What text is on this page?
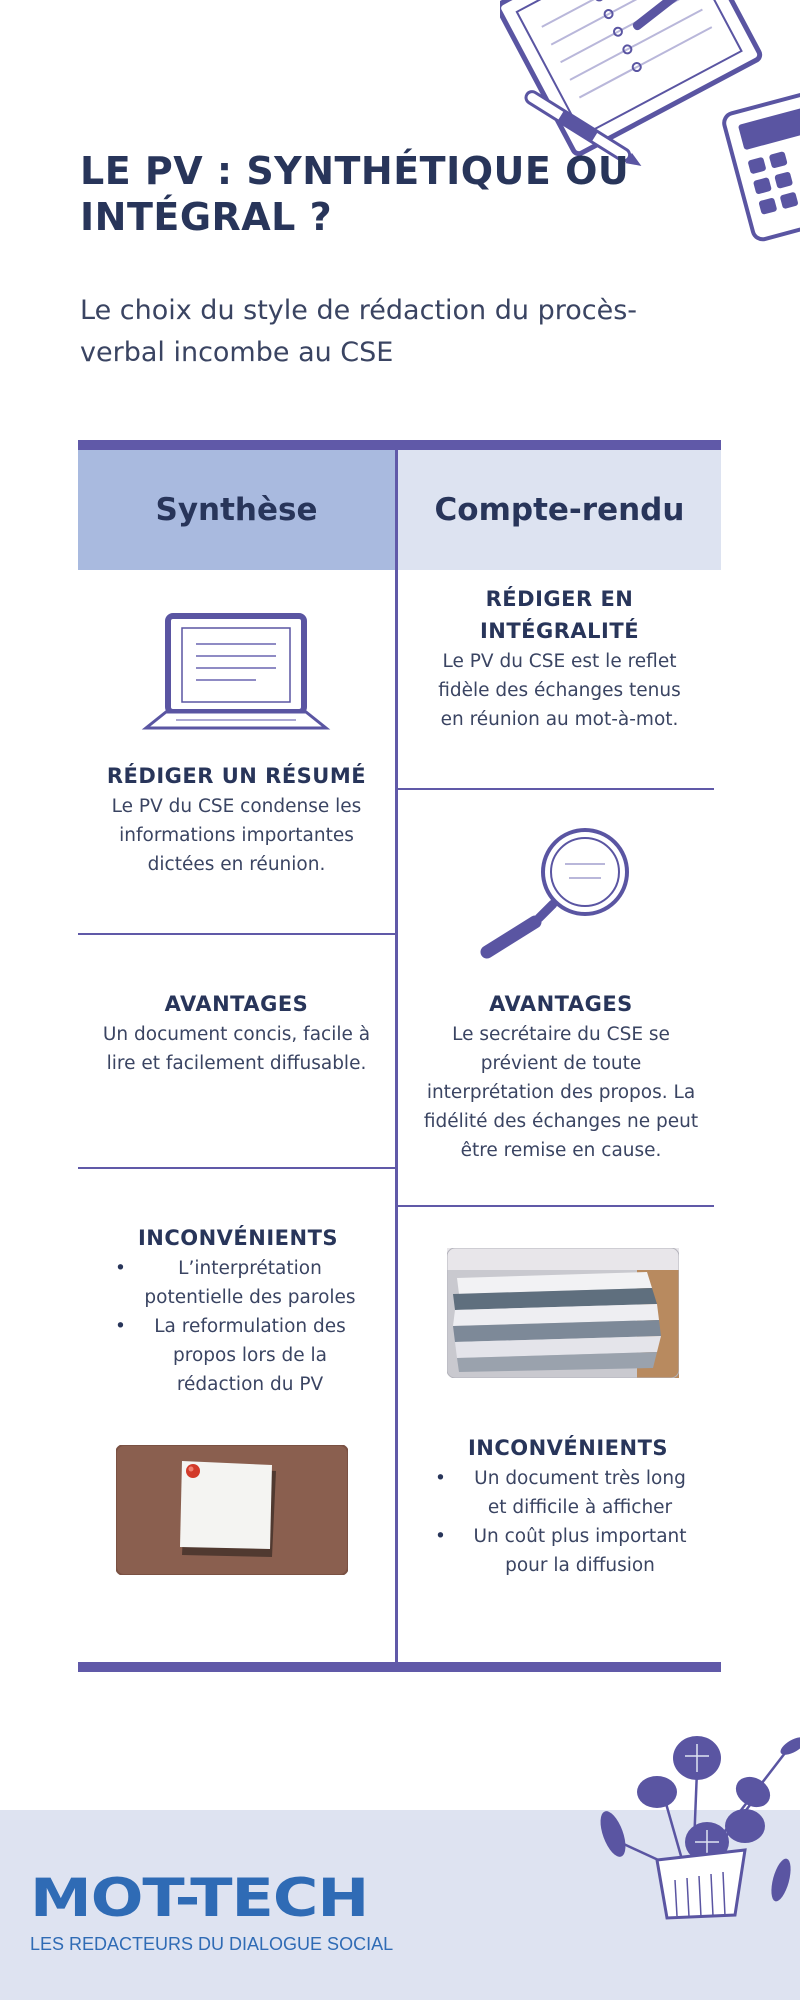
LE PV : SYNTHÉTIQUE OU INTÉGRAL ?

Le choix du style de rédaction du procès-verbal incombe au CSE

Synthèse	Compte-rendu
RÉDIGER UN RÉSUMÉ

Le PV du CSE condense les informations importantes dictées en réunion.

AVANTAGES

Un document concis, facile à lire et facilement diffusable.

INCONVÉNIENTS
• L’interprétation potentielle des paroles
• La reformulation des propos lors de la rédaction du PV
RÉDIGER EN INTÉGRALITÉ

Le PV du CSE est le reflet fidèle des échanges tenus en réunion au mot-à-mot.

AVANTAGES

Le secrétaire du CSE se prévient de toute interprétation des propos. La fidélité des échanges ne peut être remise en cause.

INCONVÉNIENTS
• Un document très long et difficile à afficher
• Un coût plus important pour la diffusion
MOT-TECH
LES REDACTEURS DU DIALOGUE SOCIAL
